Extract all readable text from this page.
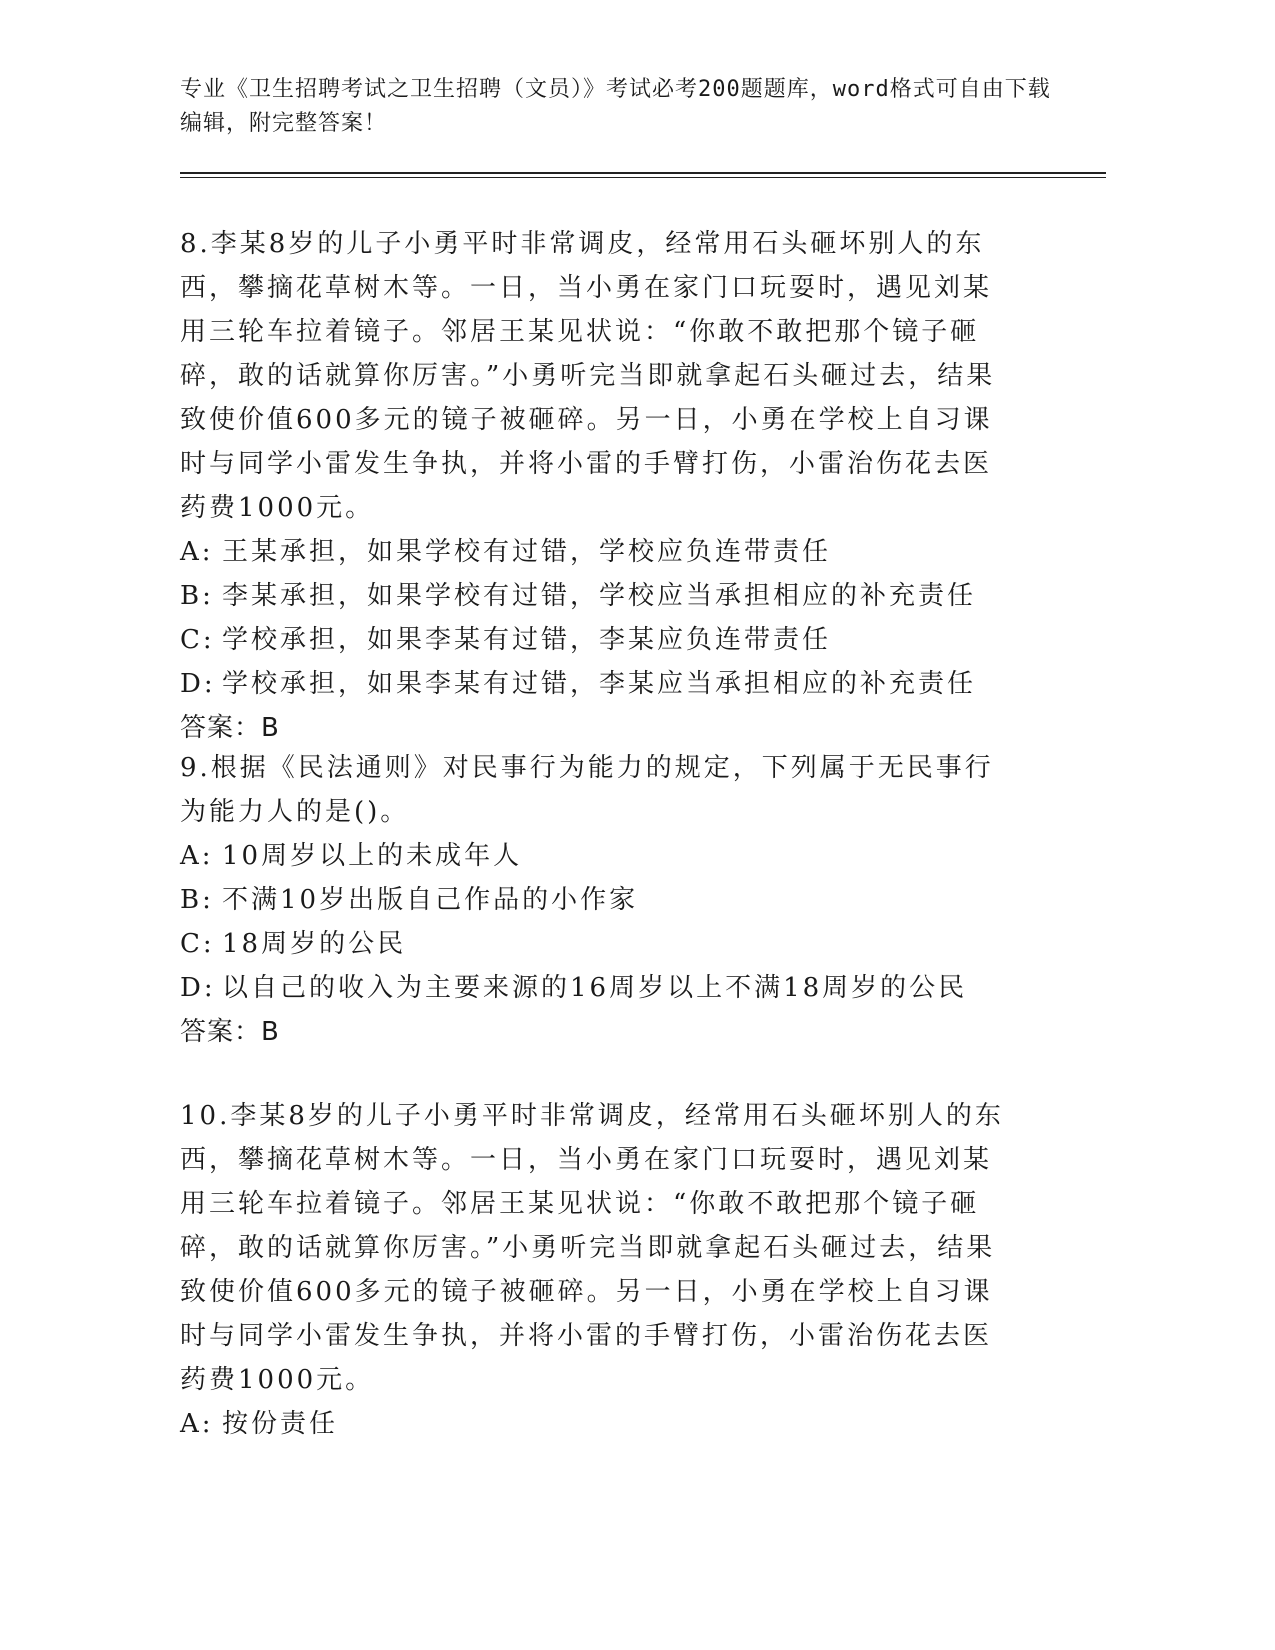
专业《卫生招聘考试之卫生招聘（文员）》考试必考200题题库，word格式可自由下载编辑，附完整答案！

8.李某8岁的儿子小勇平时非常调皮，经常用石头砸坏别人的东西，攀摘花草树木等。一日，当小勇在家门口玩耍时，遇见刘某用三轮车拉着镜子。邻居王某见状说：“你敢不敢把那个镜子砸碎，敢的话就算你厉害。”小勇听完当即就拿起石头砸过去，结果致使价值600多元的镜子被砸碎。另一日，小勇在学校上自习课时与同学小雷发生争执，并将小雷的手臂打伤，小雷治伤花去医药费1000元。

A: 王某承担，如果学校有过错，学校应负连带责任

B: 李某承担，如果学校有过错，学校应当承担相应的补充责任

C: 学校承担，如果李某有过错，李某应负连带责任

D: 学校承担，如果李某有过错，李某应当承担相应的补充责任

答案：B

9.根据《民法通则》对民事行为能力的规定，下列属于无民事行为能力人的是()。

A: 10周岁以上的未成年人

B: 不满10岁出版自己作品的小作家

C: 18周岁的公民

D: 以自己的收入为主要来源的16周岁以上不满18周岁的公民

答案：B

10.李某8岁的儿子小勇平时非常调皮，经常用石头砸坏别人的东西，攀摘花草树木等。一日，当小勇在家门口玩耍时，遇见刘某用三轮车拉着镜子。邻居王某见状说：“你敢不敢把那个镜子砸碎，敢的话就算你厉害。”小勇听完当即就拿起石头砸过去，结果致使价值600多元的镜子被砸碎。另一日，小勇在学校上自习课时与同学小雷发生争执，并将小雷的手臂打伤，小雷治伤花去医药费1000元。

A: 按份责任
